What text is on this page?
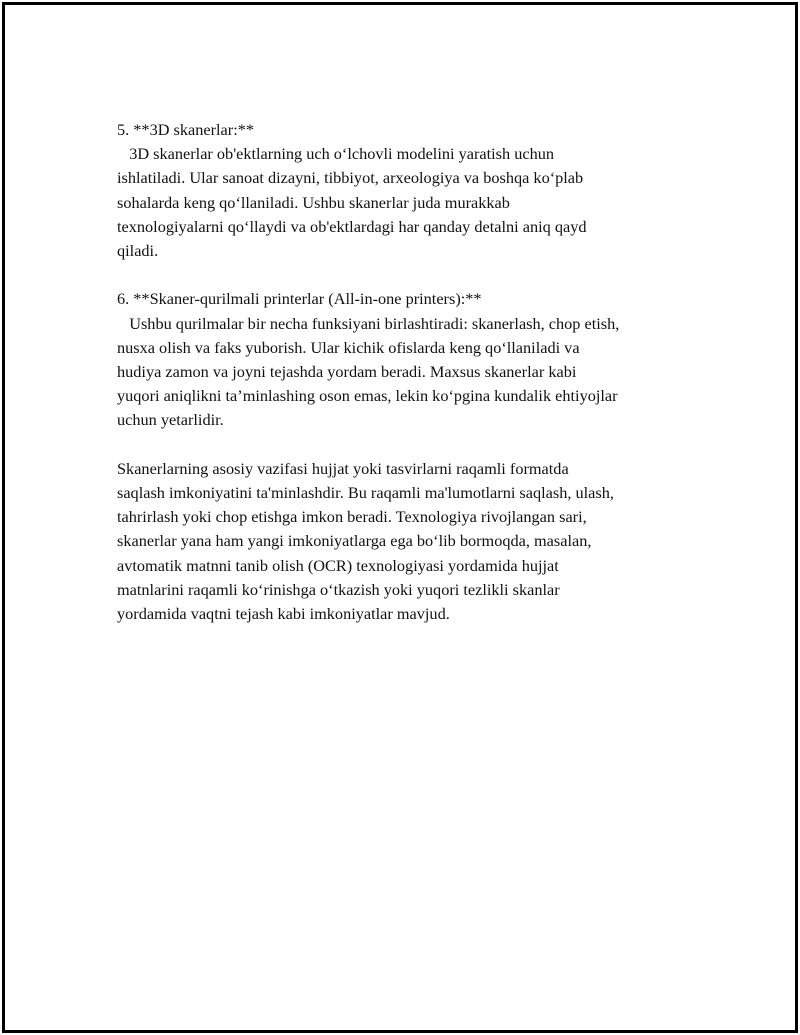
5. **3D skanerlar:**
3D skanerlar ob'ektlarning uch o‘lchovli modelini yaratish uchun
ishlatiladi. Ular sanoat dizayni, tibbiyot, arxeologiya va boshqa ko‘plab
sohalarda keng qo‘llaniladi. Ushbu skanerlar juda murakkab
texnologiyalarni qo‘llaydi va ob'ektlardagi har qanday detalni aniq qayd
qiladi.
6. **Skaner-qurilmali printerlar (All-in-one printers):**
Ushbu qurilmalar bir necha funksiyani birlashtiradi: skanerlash, chop etish,
nusxa olish va faks yuborish. Ular kichik ofislarda keng qo‘llaniladi va
hudiya zamon va joyni tejashda yordam beradi. Maxsus skanerlar kabi
yuqori aniqlikni ta’minlashing oson emas, lekin ko‘pgina kundalik ehtiyojlar
uchun yetarlidir.
Skanerlarning asosiy vazifasi hujjat yoki tasvirlarni raqamli formatda
saqlash imkoniyatini ta'minlashdir. Bu raqamli ma'lumotlarni saqlash, ulash,
tahrirlash yoki chop etishga imkon beradi. Texnologiya rivojlangan sari,
skanerlar yana ham yangi imkoniyatlarga ega bo‘lib bormoqda, masalan,
avtomatik matnni tanib olish (OCR) texnologiyasi yordamida hujjat
matnlarini raqamli ko‘rinishga o‘tkazish yoki yuqori tezlikli skanlar
yordamida vaqtni tejash kabi imkoniyatlar mavjud.
